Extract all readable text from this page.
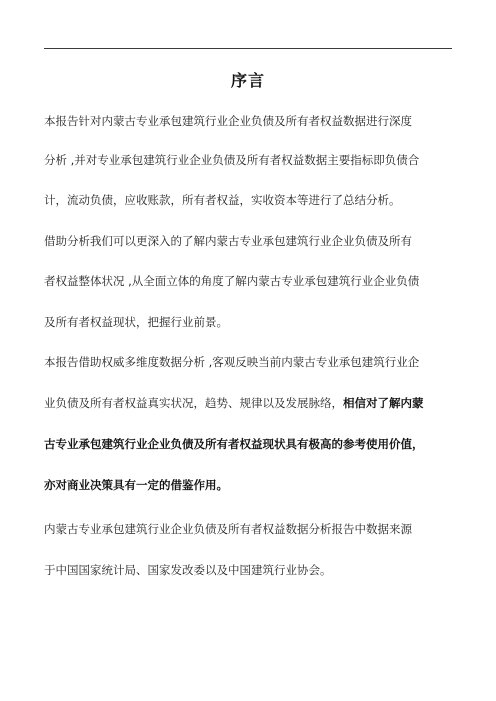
序言
本报告针对内蒙古专业承包建筑行业企业负债及所有者权益数据进行深度
分析 ,并对专业承包建筑行业企业负债及所有者权益数据主要指标即负债合
计，流动负债，应收账款，所有者权益，实收资本等进行了总结分析。
借助分析我们可以更深入的了解内蒙古专业承包建筑行业企业负债及所有
者权益整体状况 ,从全面立体的角度了解内蒙古专业承包建筑行业企业负债
及所有者权益现状，把握行业前景。
本报告借助权威多维度数据分析 ,客观反映当前内蒙古专业承包建筑行业企
业负债及所有者权益真实状况，趋势、规律以及发展脉络，相信对了解内蒙
古专业承包建筑行业企业负债及所有者权益现状具有极高的参考使用价值，
亦对商业决策具有一定的借鉴作用。
内蒙古专业承包建筑行业企业负债及所有者权益数据分析报告中数据来源
于中国国家统计局、国家发改委以及中国建筑行业协会。
